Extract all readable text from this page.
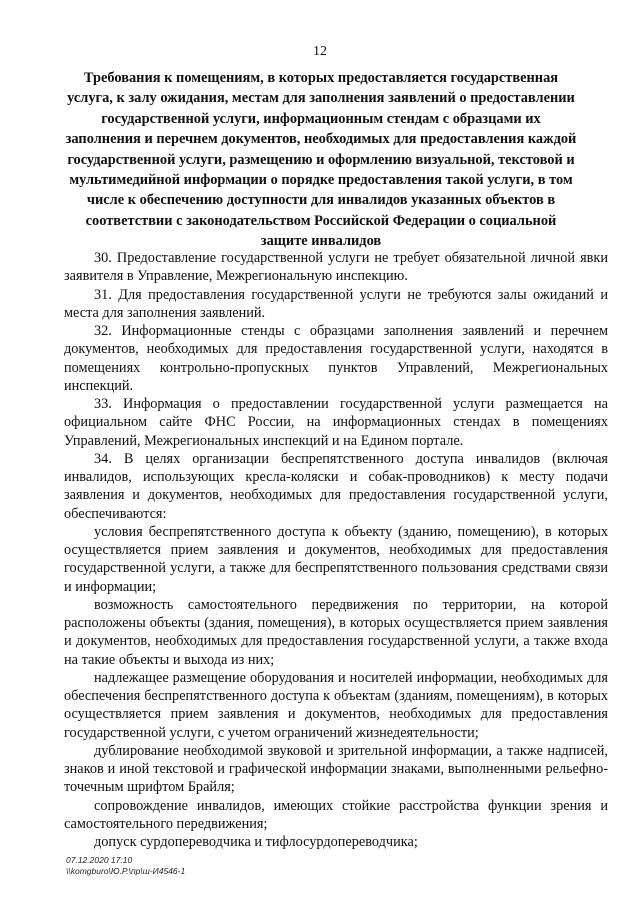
12
Требования к помещениям, в которых предоставляется государственная услуга, к залу ожидания, местам для заполнения заявлений о предоставлении государственной услуги, информационным стендам с образцами их заполнения и перечнем документов, необходимых для предоставления каждой государственной услуги, размещению и оформлению визуальной, текстовой и мультимедийной информации о порядке предоставления такой услуги, в том числе к обеспечению доступности для инвалидов указанных объектов в соответствии с законодательством Российской Федерации о социальной защите инвалидов

30. Предоставление государственной услуги не требует обязательной личной явки заявителя в Управление, Межрегиональную инспекцию.

31. Для предоставления государственной услуги не требуются залы ожиданий и места для заполнения заявлений.

32. Информационные стенды с образцами заполнения заявлений и перечнем документов, необходимых для предоставления государственной услуги, находятся в помещениях контрольно-пропускных пунктов Управлений, Межрегиональных инспекций.

33. Информация о предоставлении государственной услуги размещается на официальном сайте ФНС России, на информационных стендах в помещениях Управлений, Межрегиональных инспекций и на Едином портале.

34. В целях организации беспрепятственного доступа инвалидов (включая инвалидов, использующих кресла-коляски и собак-проводников) к месту подачи заявления и документов, необходимых для предоставления государственной услуги, обеспечиваются:

условия беспрепятственного доступа к объекту (зданию, помещению), в которых осуществляется прием заявления и документов, необходимых для предоставления государственной услуги, а также для беспрепятственного пользования средствами связи и информации;

возможность самостоятельного передвижения по территории, на которой расположены объекты (здания, помещения), в которых осуществляется прием заявления и документов, необходимых для предоставления государственной услуги, а также входа на такие объекты и выхода из них;

надлежащее размещение оборудования и носителей информации, необходимых для обеспечения беспрепятственного доступа к объектам (зданиям, помещениям), в которых осуществляется прием заявления и документов, необходимых для предоставления государственной услуги, с учетом ограничений жизнедеятельности;

дублирование необходимой звуковой и зрительной информации, а также надписей, знаков и иной текстовой и графической информации знаками, выполненными рельефно-точечным шрифтом Брайля;

сопровождение инвалидов, имеющих стойкие расстройства функции зрения и самостоятельного передвижения;

допуск сурдопереводчика и тифлосурдопереводчика;

07.12.2020 17:10
\\komgburo\Ю.Р.\пр\ш-И4546-1
